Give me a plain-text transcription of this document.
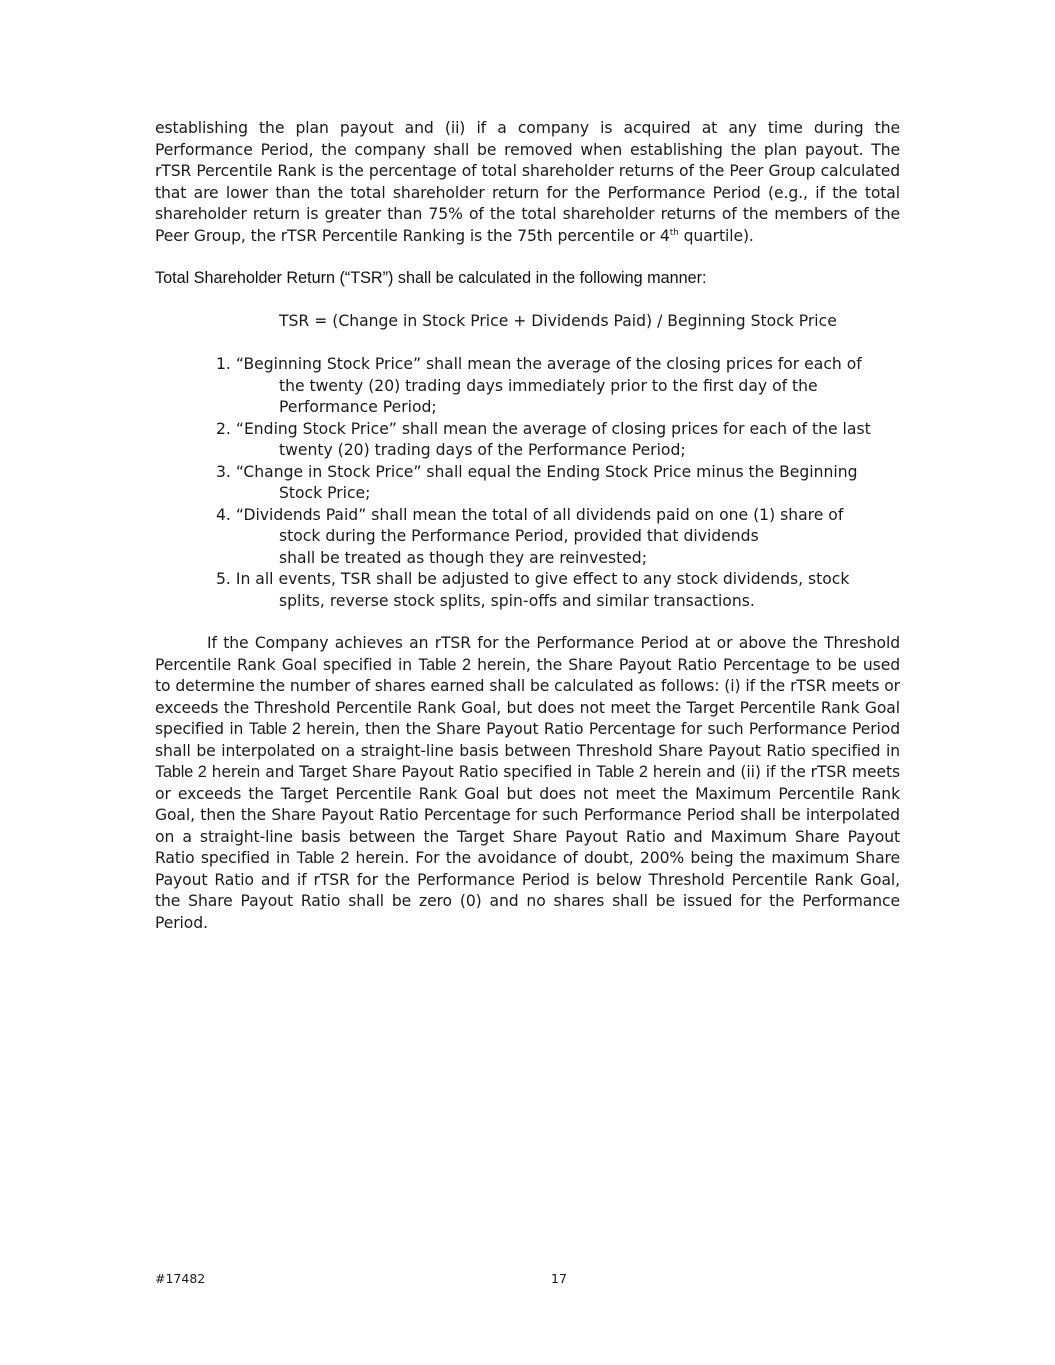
establishing the plan payout and (ii) if a company is acquired at any time during the Performance Period, the company shall be removed when establishing the plan payout. The rTSR Percentile Rank is the percentage of total shareholder returns of the Peer Group calculated that are lower than the total shareholder return for the Performance Period (e.g., if the total shareholder return is greater than 75% of the total shareholder returns of the members of the Peer Group, the rTSR Percentile Ranking is the 75th percentile or 4th quartile).
Total Shareholder Return (“TSR”) shall be calculated in the following manner:
TSR = (Change in Stock Price + Dividends Paid) / Beginning Stock Price
1. “Beginning Stock Price” shall mean the average of the closing prices for each of
the twenty (20) trading days immediately prior to the first day of the
Performance Period;
2. “Ending Stock Price” shall mean the average of closing prices for each of the last
twenty (20) trading days of the Performance Period;
3. “Change in Stock Price” shall equal the Ending Stock Price minus the Beginning
Stock Price;
4. “Dividends Paid” shall mean the total of all dividends paid on one (1) share of
stock during the Performance Period, provided that dividends
shall be treated as though they are reinvested;
5. In all events, TSR shall be adjusted to give effect to any stock dividends, stock
splits, reverse stock splits, spin-offs and similar transactions.
If the Company achieves an rTSR for the Performance Period at or above the Threshold Percentile Rank Goal specified in Table 2 herein, the Share Payout Ratio Percentage to be used to determine the number of shares earned shall be calculated as follows: (i) if the rTSR meets or exceeds the Threshold Percentile Rank Goal, but does not meet the Target Percentile Rank Goal specified in Table 2 herein, then the Share Payout Ratio Percentage for such Performance Period shall be interpolated on a straight-line basis between Threshold Share Payout Ratio specified in Table 2 herein and Target Share Payout Ratio specified in Table 2 herein and (ii) if the rTSR meets or exceeds the Target Percentile Rank Goal but does not meet the Maximum Percentile Rank Goal, then the Share Payout Ratio Percentage for such Performance Period shall be interpolated on a straight-line basis between the Target Share Payout Ratio and Maximum Share Payout Ratio specified in Table 2 herein. For the avoidance of doubt, 200% being the maximum Share Payout Ratio and if rTSR for the Performance Period is below Threshold Percentile Rank Goal, the Share Payout Ratio shall be zero (0) and no shares shall be issued for the Performance Period.
#17482	17
